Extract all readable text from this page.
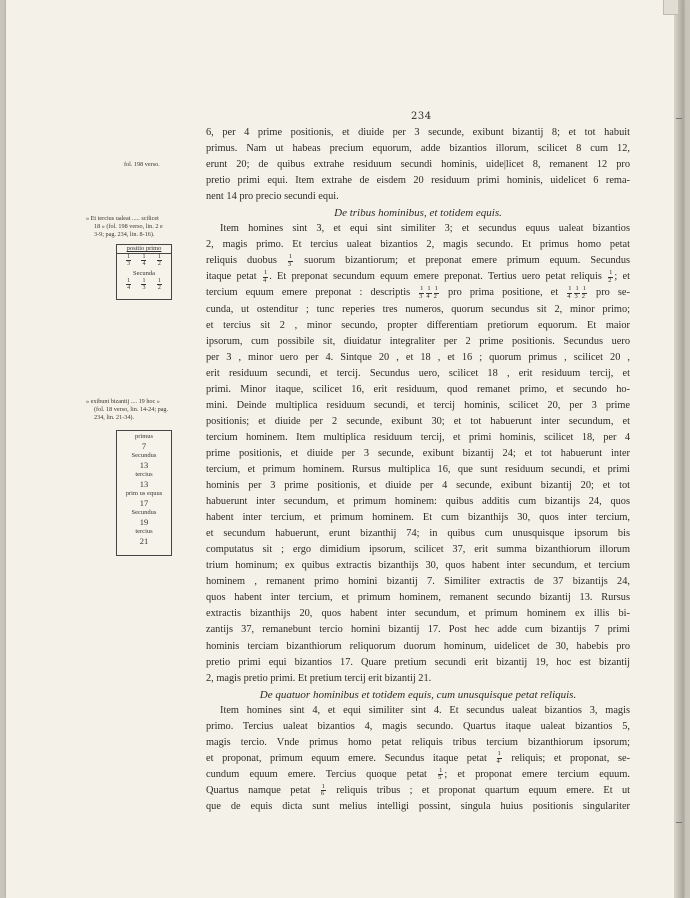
234
fol. 198 verso.
» Et tercius ualeat ..... scilicet
18 » (fol. 198 verso, lin. 2 e
3-9; pag. 234, lin. 8-16).
positio primo
$\frac{1}{3} \frac{1}{4} \frac{1}{2}$
Secunda
$\frac{1}{4} \frac{1}{3} \frac{1}{2}$
» exibunt bizantij .... 19 hoc »
(fol. 18 verso, lin. 14-24; pag.
234, lin. 21-34).
primus
7
Secundus
13
tercius
13
prim us equus
17
Secundus
19
tercius
21
6, per 4 prime positionis, et diuide per 3 secunde, exibunt bizantij 8; et tot habuit
primus. Nam ut habeas precium equorum, adde bizantios illorum, scilicet 8 cum 12,
erunt 20; de quibus extrahe residuum secundi hominis, uide|licet 8, remanent 12 pro
pretio primi equi. Item extrahe de eisdem 20 residuum primi hominis, uidelicet 6 rema-
nent 14 pro precio secundi equi.
De tribus hominibus, et totidem equis.
Item homines sint 3, et equi sint similiter 3; et secundus equus ualeat bizantios
2, magis primo. Et tercius ualeat bizantios 2, magis secundo. Et primus homo petat
reliquis duobus $\frac{1}{3}$ suorum bizantiorum; et preponat emere primum equum. Secundus
itaque petat $\frac{1}{4}$ . Et preponat secundum equum emere preponat. Tertius uero petat reliquis $\frac{1}{2}$ ; et
tercium equum emere preponat : descriptis $\frac{1}{3} \frac{1}{4} \frac{1}{2}$ pro prima positione, et $\frac{1}{4} \frac{1}{3} \frac{1}{2}$ pro se-
cunda, ut ostenditur ; tunc reperies tres numeros, quorum secundus sit 2, minor primo;
et tercius sit 2 , minor secundo, propter differentiam pretiorum equorum. Et maior
ipsorum, cum possibile sit, diuidatur integraliter per 2 prime positionis. Secundus uero
per 3 , minor uero per 4. Sintque 20 , et 18 , et 16 ; quorum primus , scilicet 20 ,
erit residuum secundi, et tercij. Secundus uero, scilicet 18 , erit residuum tercij, et
primi. Minor itaque, scilicet 16, erit residuum, quod remanet primo, et secundo ho-
mini. Deinde multiplica residuum secundi, et tercij hominis, scilicet 20, per 3 prime
positionis; et diuide per 2 secunde, exibunt 30; et tot habuerunt inter secundum, et
tercium hominem. Item multiplica residuum tercij, et primi hominis, scilicet 18, per 4
prime positionis, et diuide per 3 secunde, exibunt bizantij 24; et tot habuerunt inter
tercium, et primum hominem. Rursus multiplica 16, que sunt residuum secundi, et primi
hominis per 3 prime positionis, et diuide per 4 secunde, exibunt bizantij 20; et tot
habuerunt inter secundum, et primum hominem: quibus additis cum bizantijs 24, quos
habent inter tercium, et primum hominem. Et cum bizanthijs 30, quos inter tercium,
et secundum habuerunt, erunt bizanthij 74; in quibus cum unusquisque ipsorum bis
computatus sit ; ergo dimidium ipsorum, scilicet 37, erit summa bizanthiorum illorum
trium hominum; ex quibus extractis bizanthijs 30, quos habent inter secundum, et tercium
hominem , remanent primo homini bizantij 7. Similiter extractis de 37 bizantijs 24,
quos habent inter tercium, et primum hominem, remanent secundo bizantij 13. Rursus
extractis bizanthijs 20, quos habent inter secundum, et primum hominem ex illis bi-
zantijs 37, remanebunt tercio homini bizantij 17. Post hec adde cum bizantijs 7 primi
hominis terciam bizanthiorum reliquorum duorum hominum, uidelicet de 30, habebis pro
pretio primi equi bizantios 17. Quare pretium secundi erit bizantij 19, hoc est bizantij
2, magis pretio primi. Et pretium tercij erit bizantij 21.
De quatuor hominibus et totidem equis, cum unusquisque petat reliquis.
Item homines sint 4, et equi similiter sint 4. Et secundus ualeat bizantios 3, magis
primo. Tercius ualeat bizantios 4, magis secundo. Quartus itaque ualeat bizantios 5,
magis tercio. Vnde primus homo petat reliquis tribus tercium bizanthiorum ipsorum;
et proponat, primum equum emere. Secundus itaque petat $\frac{1}{4}$ reliquis; et proponat, se-
cundum equum emere. Tercius quoque petat $\frac{1}{5}$ ; et proponat emere tercium equum.
Quartus namque petat $\frac{1}{6}$ reliquis tribus ; et proponat quartum equum emere. Et ut
que de equis dicta sunt melius intelligi possint, singula huius positionis singulariter
